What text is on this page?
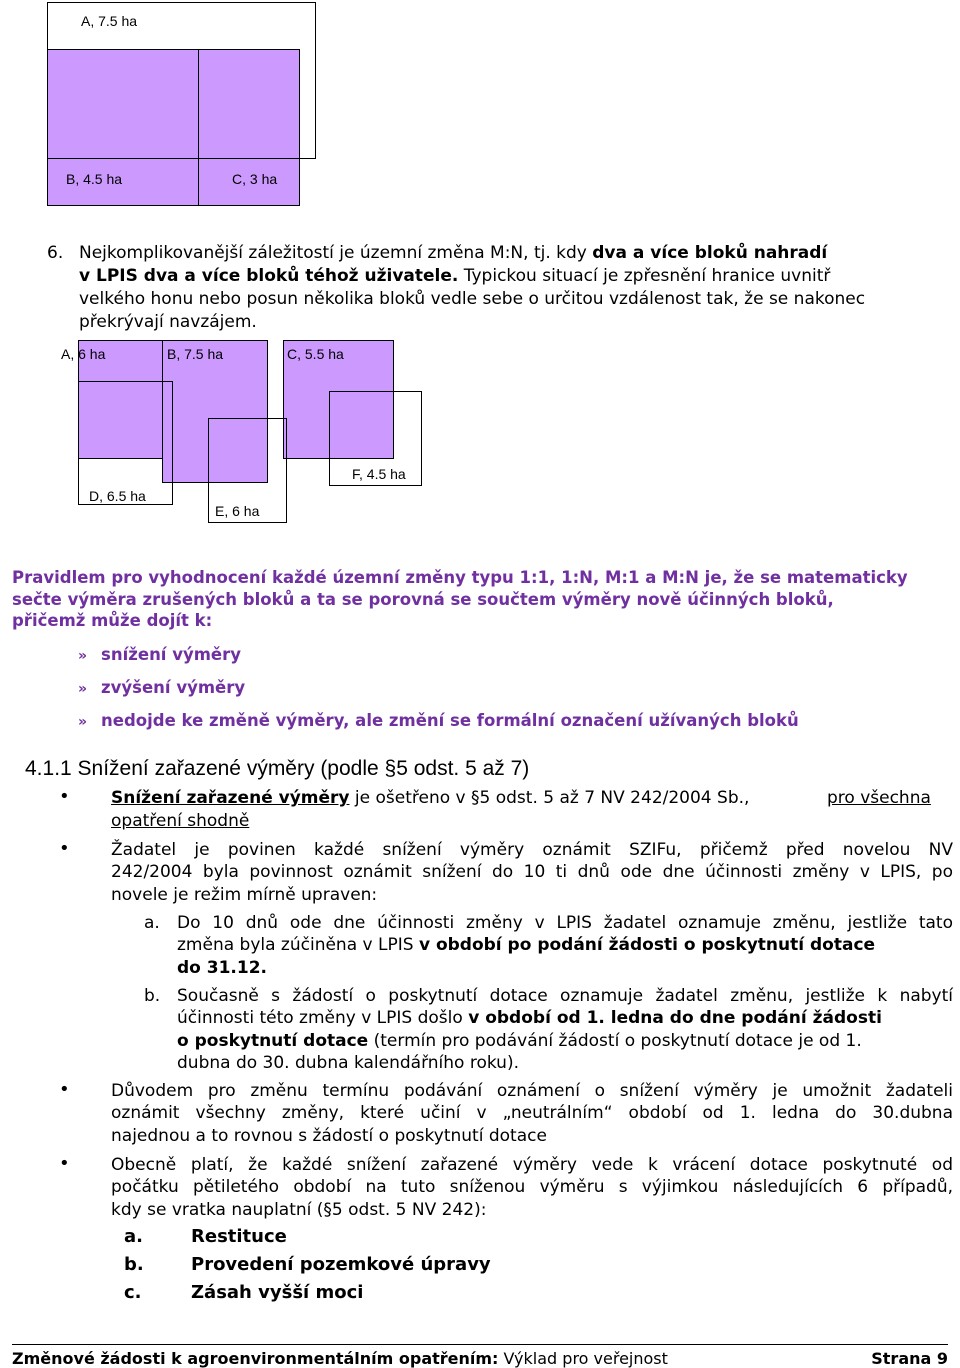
A, 7.5 ha
B, 4.5 ha	C, 3 ha
6. Nejkomplikovanější záležitostí je územní změna M:N, tj. kdy dva a více bloků nahradí
v LPIS dva a více bloků téhož uživatele. Typickou situací je zpřesnění hranice uvnitř
velkého honu nebo posun několika bloků vedle sebe o určitou vzdálenost tak, že se nakonec
překrývají navzájem.
A, 6 ha	B, 7.5 ha	C, 5.5 ha
D, 6.5 ha
E, 6 ha
F, 4.5 ha
Pravidlem pro vyhodnocení každé územní změny typu 1:1, 1:N, M:1 a M:N je, že se matematicky sečte výměra zrušených bloků a ta se porovná se součtem výměry nově účinných bloků, přičemž může dojít k:
» snížení výměry
» zvýšení výměry
» nedojde ke změně výměry, ale změní se formální označení užívaných bloků
4.1.1 Snížení zařazené výměry (podle §5 odst. 5 až 7)
• Snížení zařazené výměry je ošetřeno v §5 odst. 5 až 7 NV 242/2004 Sb.,	pro všechna
opatření shodně
• Žadatel je povinen každé snížení výměry oznámit SZIFu, přičemž před novelou NV
242/2004 byla povinnost oznámit snížení do 10 ti dnů ode dne účinnosti změny v LPIS, po
novele je režim mírně upraven:
a. Do 10 dnů ode dne účinnosti změny v LPIS žadatel oznamuje změnu, jestliže tato
změna byla zúčiněna v LPIS v období po podání žádosti o poskytnutí dotace
do 31.12.
b. Současně s žádostí o poskytnutí dotace oznamuje žadatel změnu, jestliže k nabytí
účinnosti této změny v LPIS došlo v období od 1. ledna do dne podání žádosti
o poskytnutí dotace (termín pro podávání žádostí o poskytnutí dotace je od 1.
dubna do 30. dubna kalendářního roku).
• Důvodem pro změnu termínu podávání oznámení o snížení výměry je umožnit žadateli
oznámit všechny změny, které učiní v „neutrálním“ období od 1. ledna do 30.dubna
najednou a to rovnou s žádostí o poskytnutí dotace
• Obecně platí, že každé snížení zařazené výměry vede k vrácení dotace poskytnuté od
počátku pětiletého období na tuto sníženou výměru s výjimkou následujících 6 případů,
kdy se vratka nauplatní (§5 odst. 5 NV 242):
a.	Restituce
b.	Provedení pozemkové úpravy
c.	Zásah vyšší moci
Změnové žádosti k agroenvironmentálním opatřením: Výklad pro veřejnost	Strana 9
